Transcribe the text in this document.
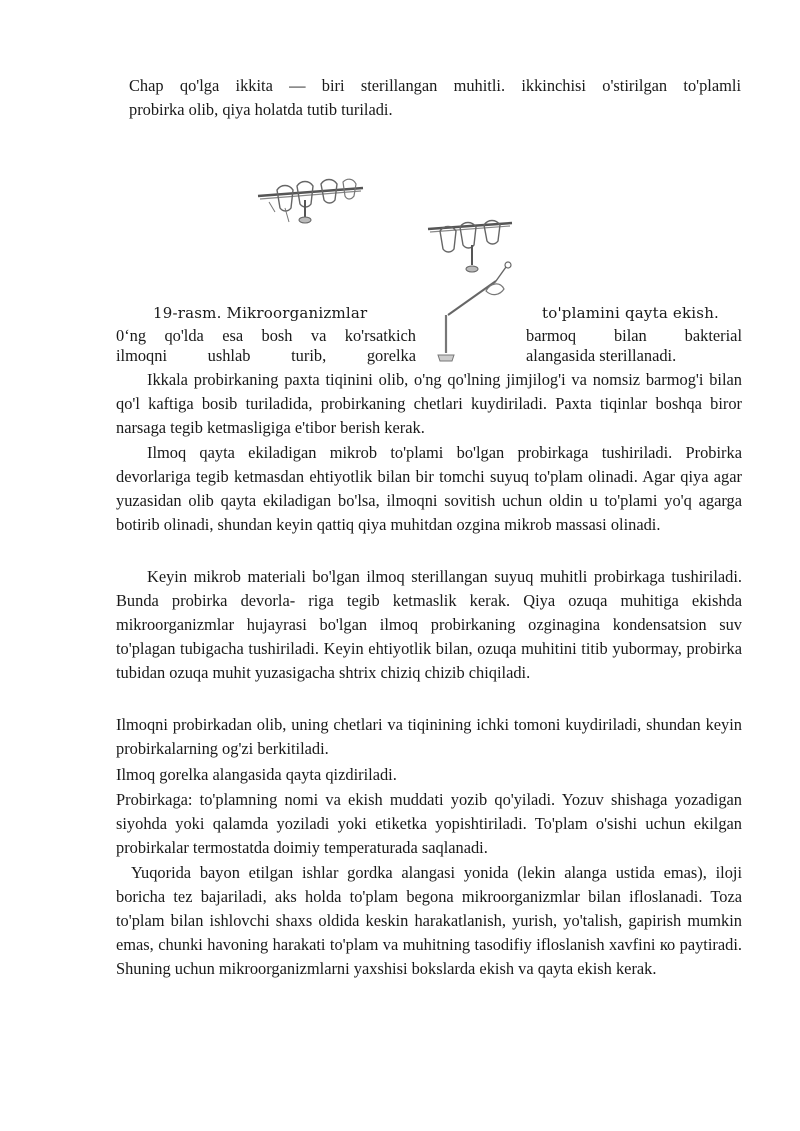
Chap qo'lga ikkita — biri sterillangan muhitli. ikkinchisi o'stirilgan to'plamli
probirka olib, qiya holatda tutib turiladi.
19-rasm. Mikroorganizmlar	to'plamini qayta ekish.
0‘ng qo'lda esa bosh va ko'rsatkich	barmoq bilan bakterial
ilmoqni ushlab turib, gorelka	alangasida sterillanadi.

Ikkala probirkaning paxta tiqinini olib, o'ng qo'lning jimjilog'i va nomsiz barmog'i bilan qo'l kaftiga bosib turiladida, probirkaning chetlari kuydiriladi. Paxta tiqinlar boshqa biror narsaga tegib ketmasligiga e'tibor berish kerak.

Ilmoq qayta ekiladigan mikrob to'plami bo'lgan probirkaga tushiriladi. Probirka devorlariga tegib ketmasdan ehtiyotlik bilan bir tomchi suyuq to'plam olinadi. Agar qiya agar yuzasidan olib qayta ekiladigan bo'lsa, ilmoqni sovitish uchun oldin u to'plami yo'q agarga botirib olinadi, shundan keyin qattiq qiya muhitdan ozgina mikrob massasi olinadi.

Keyin mikrob materiali bo'lgan ilmoq sterillangan suyuq muhitli probirkaga tushiriladi. Bunda probirka devorla- riga tegib ketmaslik kerak. Qiya ozuqa muhitiga ekishda mikroorganizmlar hujayrasi bo'lgan ilmoq probirkaning ozginagina kondensatsion suv to'plagan tubigacha tushiriladi. Keyin ehtiyotlik bilan, ozuqa muhitini titib yubormay, probirka tubidan ozuqa muhit yuzasigacha shtrix chiziq chizib chiqiladi.

Ilmoqni probirkadan olib, uning chetlari va tiqinining ichki tomoni kuydiriladi, shundan keyin probirkalarning og'zi berkitiladi.

Ilmoq gorelka alangasida qayta qizdiriladi.

Probirkaga: to'plamning nomi va ekish muddati yozib qo'yiladi. Yozuv shishaga yozadigan siyohda yoki qalamda yoziladi yoki etiketka yopishtiriladi. To'plam o'sishi uchun ekilgan probirkalar termostatda doimiy temperaturada saqlanadi.

Yuqorida bayon etilgan ishlar gordka alangasi yonida (lekin alanga ustida emas), iloji boricha tez bajariladi, aks holda to'plam begona mikroorganizmlar bilan ifloslanadi. Toza to'plam bilan ishlovchi shaxs oldida keskin harakatlanish, yurish, yo'talish, gapirish mumkin emas, chunki havoning harakati to'plam va muhitning tasodifiy ifloslanish xavfini ко paytiradi. Shuning uchun mikroorganizmlarni yaxshisi bokslarda ekish va qayta ekish kerak.
